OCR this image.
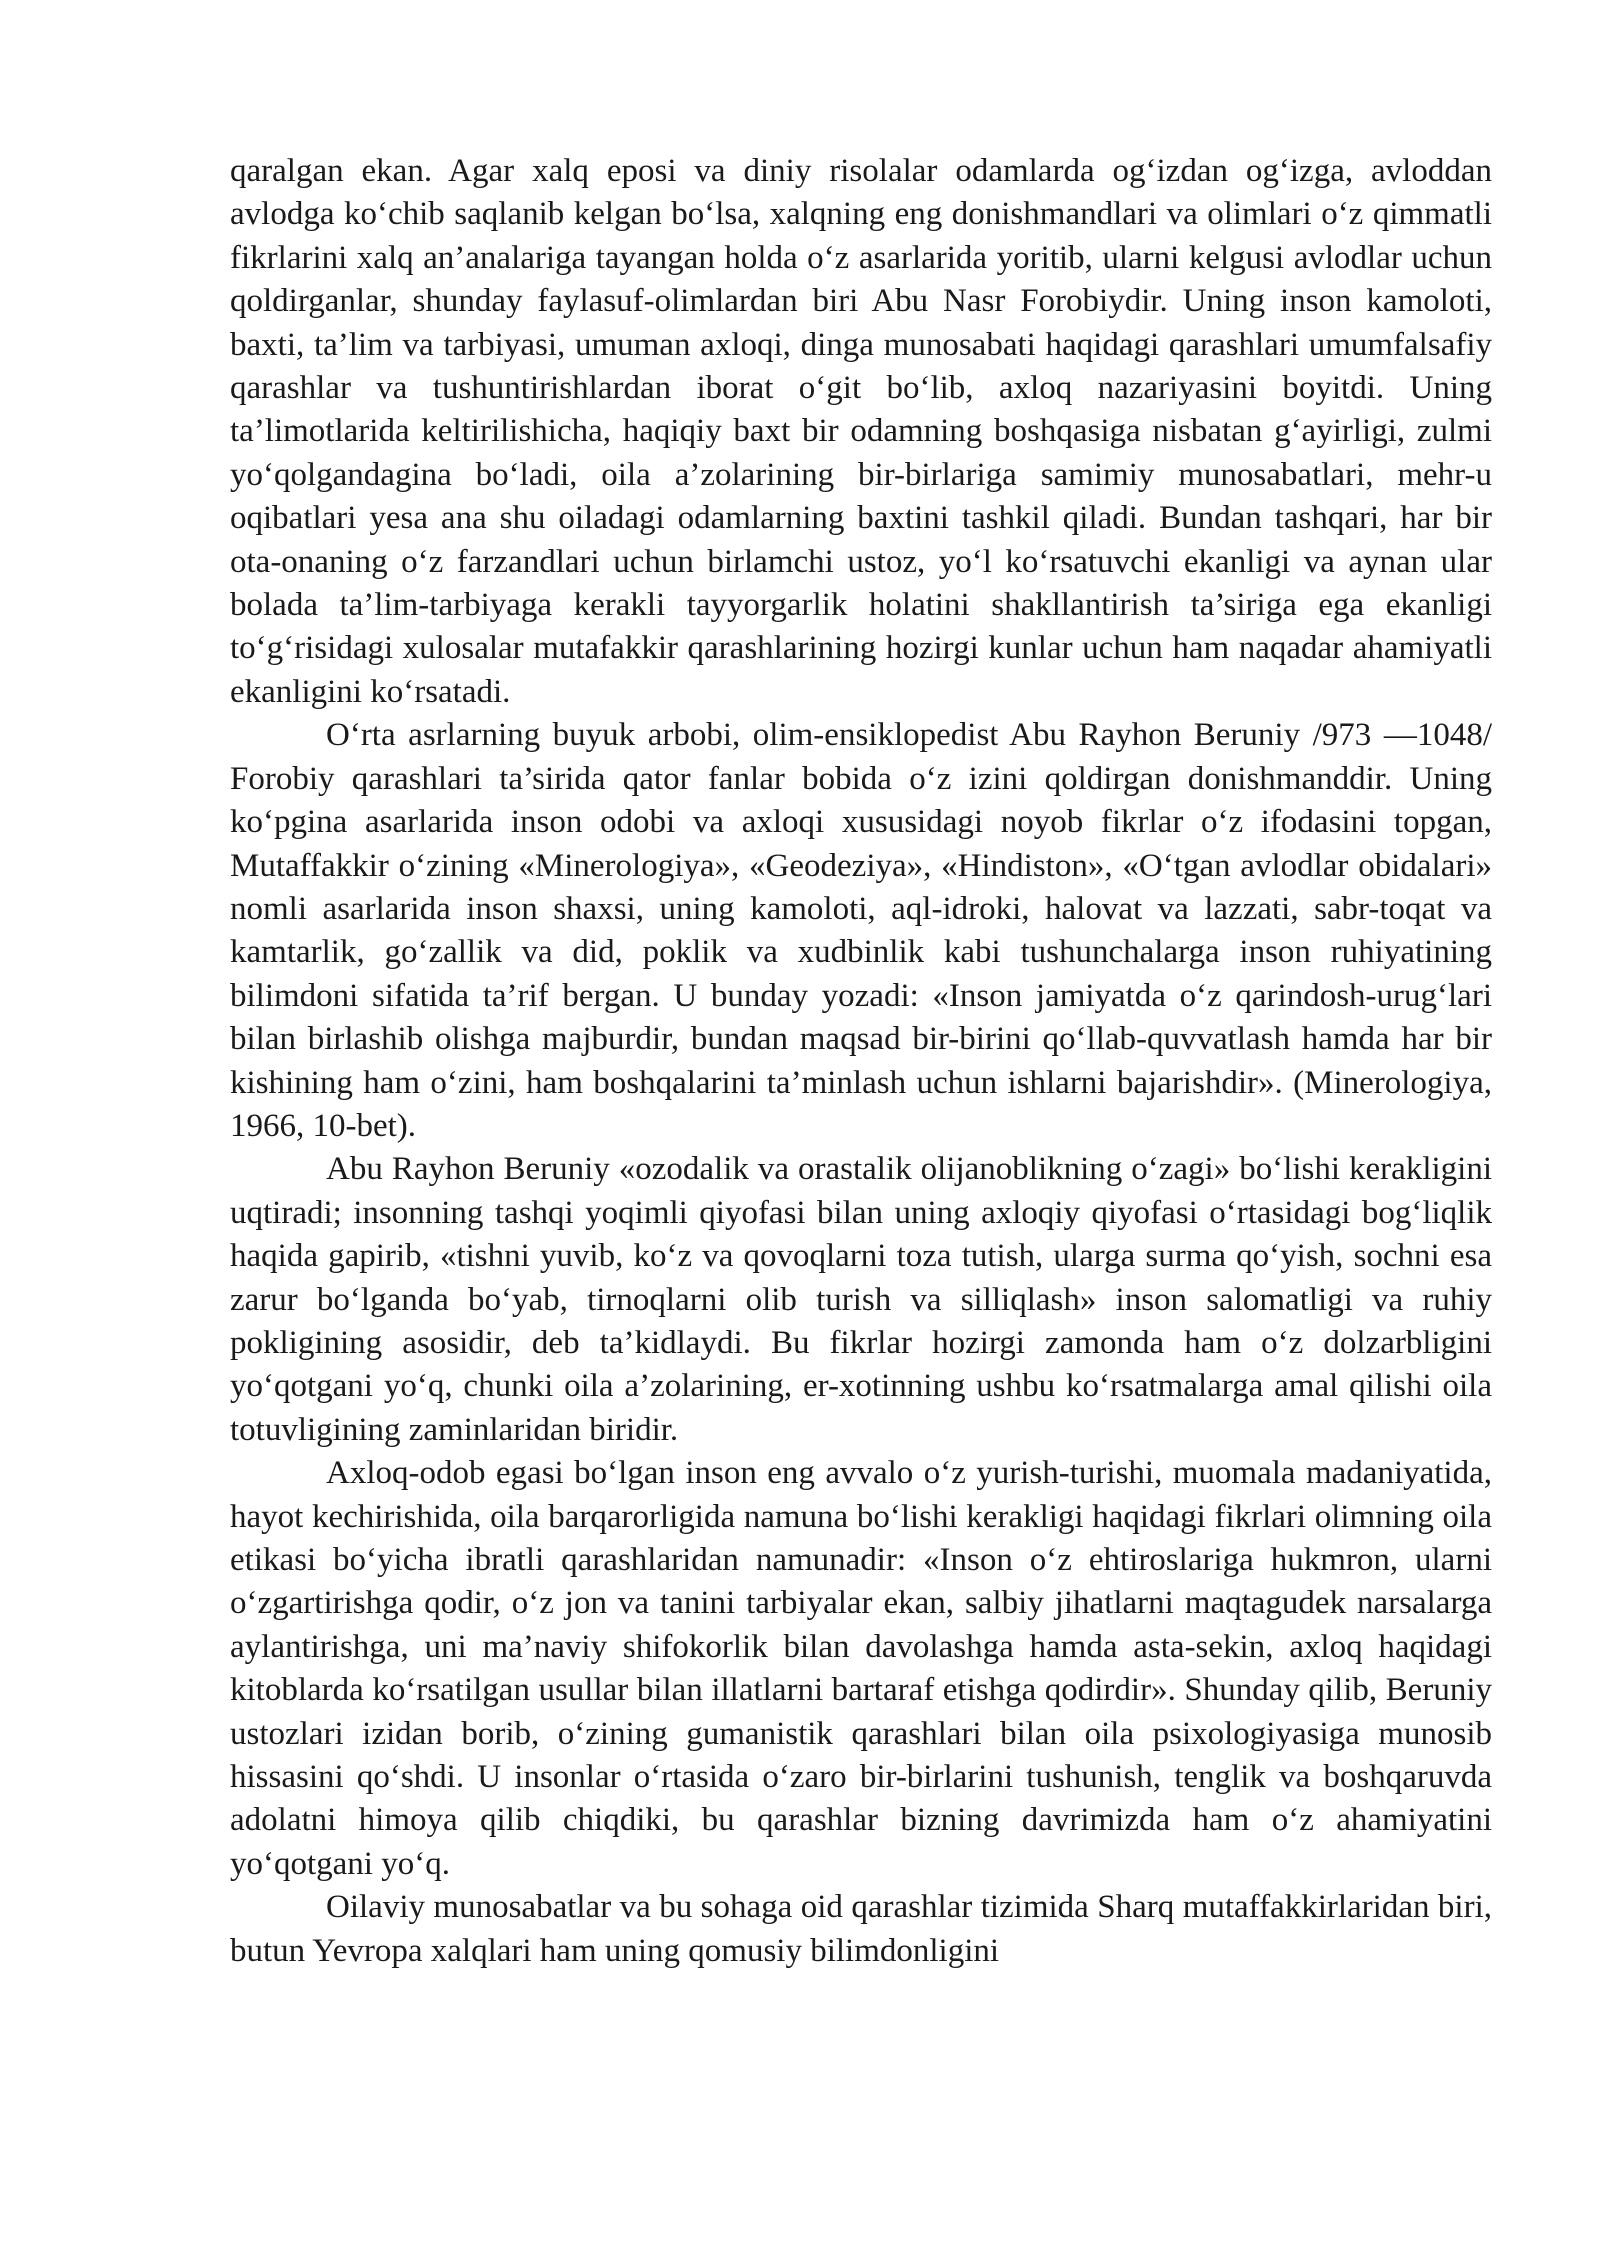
qaralgan ekan. Agar xalq eposi va diniy risolalar odamlarda og‘izdan og‘izga, avloddan avlodga ko‘chib saqlanib kelgan bo‘lsa, xalqning eng donishmandlari va olimlari o‘z qimmatli fikrlarini xalq an’analariga tayangan holda o‘z asarlarida yoritib, ularni kelgusi avlodlar uchun qoldirganlar, shunday faylasuf-olimlardan biri Abu Nasr Forobiydir. Uning inson kamoloti, baxti, ta’lim va tarbiyasi, umuman axloqi, dinga munosabati haqidagi qarashlari umumfalsafiy qarashlar va tushuntirishlardan iborat o‘git bo‘lib, axloq nazariyasini boyitdi. Uning ta’limotlarida keltirilishicha, haqiqiy baxt bir odamning boshqasiga nisbatan g‘ayirligi, zulmi yo‘qolgandagina bo‘ladi, oila a’zolarining bir-birlariga samimiy munosabatlari, mehr-u oqibatlari yesa ana shu oiladagi odamlarning baxtini tashkil qiladi. Bundan tashqari, har bir ota-onaning o‘z farzandlari uchun birlamchi ustoz, yo‘l ko‘rsatuvchi ekanligi va aynan ular bolada ta’lim-tarbiyaga kerakli tayyorgarlik holatini shakllantirish ta’siriga ega ekanligi to‘g‘risidagi xulosalar mutafakkir qarashlarining hozirgi kunlar uchun ham naqadar ahamiyatli ekanligini ko‘rsatadi.

O‘rta asrlarning buyuk arbobi, olim-ensiklopedist Abu Rayhon Beruniy /973 —1048/ Forobiy qarashlari ta’sirida qator fanlar bobida o‘z izini qoldirgan donishmanddir. Uning ko‘pgina asarlarida inson odobi va axloqi xususidagi noyob fikrlar o‘z ifodasini topgan, Mutaffakkir o‘zining «Minerologiya», «Geodeziya», «Hindiston», «O‘tgan avlodlar obidalari» nomli asarlarida inson shaxsi, uning kamoloti, aql-idroki, halovat va lazzati, sabr-toqat va kamtarlik, go‘zallik va did, poklik va xudbinlik kabi tushunchalarga inson ruhiyatining bilimdoni sifatida ta’rif bergan. U bunday yozadi: «Inson jamiyatda o‘z qarindosh-urug‘lari bilan birlashib olishga majburdir, bundan maqsad bir-birini qo‘llab-quvvatlash hamda har bir kishining ham o‘zini, ham boshqalarini ta’minlash uchun ishlarni bajarishdir». (Minerologiya, 1966, 10-bet).

Abu Rayhon Beruniy «ozodalik va orastalik olijanoblikning o‘zagi» bo‘lishi kerakligini uqtiradi; insonning tashqi yoqimli qiyofasi bilan uning axloqiy qiyofasi o‘rtasidagi bog‘liqlik haqida gapirib, «tishni yuvib, ko‘z va qovoqlarni toza tutish, ularga surma qo‘yish, sochni esa zarur bo‘lganda bo‘yab, tirnoqlarni olib turish va silliqlash» inson salomatligi va ruhiy pokligining asosidir, deb ta’kidlaydi. Bu fikrlar hozirgi zamonda ham o‘z dolzarbligini yo‘qotgani yo‘q, chunki oila a’zolarining, er-xotinning ushbu ko‘rsatmalarga amal qilishi oila totuvligining zaminlaridan biridir.

Axloq-odob egasi bo‘lgan inson eng avvalo o‘z yurish-turishi, muomala madaniyatida, hayot kechirishida, oila barqarorligida namuna bo‘lishi kerakligi haqidagi fikrlari olimning oila etikasi bo‘yicha ibratli qarashlaridan namunadir: «Inson o‘z ehtiroslariga hukmron, ularni o‘zgartirishga qodir, o‘z jon va tanini tarbiyalar ekan, salbiy jihatlarni maqtagudek narsalarga aylantirishga, uni ma’naviy shifokorlik bilan davolashga hamda asta-sekin, axloq haqidagi kitoblarda ko‘rsatilgan usullar bilan illatlarni bartaraf etishga qodirdir». Shunday qilib, Beruniy ustozlari izidan borib, o‘zining gumanistik qarashlari bilan oila psixologiyasiga munosib hissasini qo‘shdi. U insonlar o‘rtasida o‘zaro bir-birlarini tushunish, tenglik va boshqaruvda adolatni himoya qilib chiqdiki, bu qarashlar bizning davrimizda ham o‘z ahamiyatini yo‘qotgani yo‘q.

Oilaviy munosabatlar va bu sohaga oid qarashlar tizimida Sharq mutaffakkirlaridan biri, butun Yevropa xalqlari ham uning qomusiy bilimdonligini
